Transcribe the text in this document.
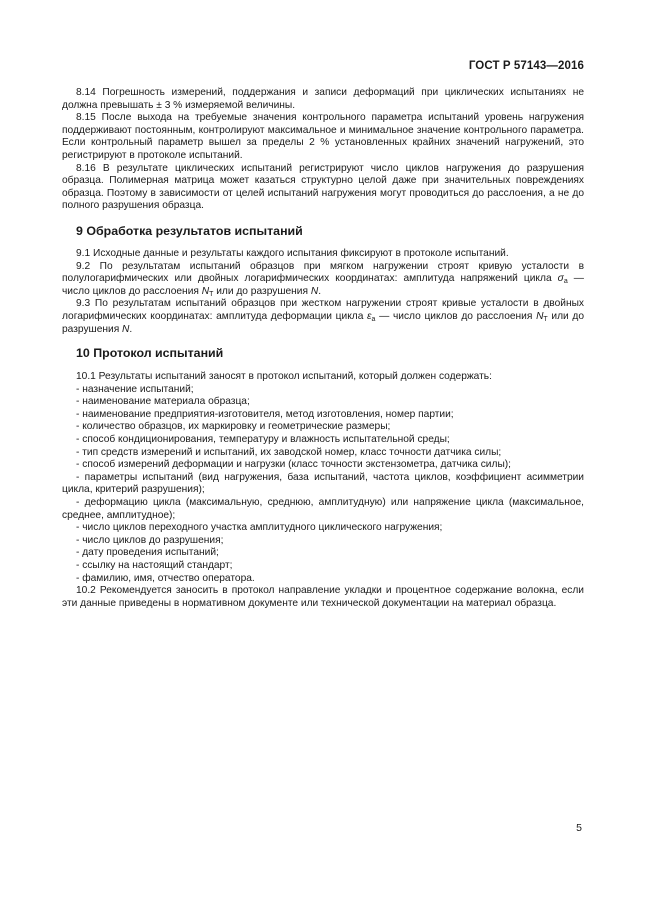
ГОСТ Р 57143—2016

8.14 Погрешность измерений, поддержания и записи деформаций при циклических испытаниях не должна превышать ± 3 % измеряемой величины.

8.15 После выхода на требуемые значения контрольного параметра испытаний уровень нагружения поддерживают постоянным, контролируют максимальное и минимальное значение контрольного параметра. Если контрольный параметр вышел за пределы 2 % установленных крайних значений нагружений, это регистрируют в протоколе испытаний.

8.16 В результате циклических испытаний регистрируют число циклов нагружения до разрушения образца. Полимерная матрица может казаться структурно целой даже при значительных повреждениях образца. Поэтому в зависимости от целей испытаний нагружения могут проводиться до расслоения, а не до полного разрушения образца.

9 Обработка результатов испытаний

9.1 Исходные данные и результаты каждого испытания фиксируют в протоколе испытаний.

9.2 По результатам испытаний образцов при мягком нагружении строят кривую усталости в полулогарифмических или двойных логарифмических координатах: амплитуда напряжений цикла $\sigma_a$ — число циклов до расслоения $N_Т$ или до разрушения N.

9.3 По результатам испытаний образцов при жестком нагружении строят кривые усталости в двойных логарифмических координатах: амплитуда деформации цикла $\varepsilon_a$ — число циклов до расслоения $N_Т$ или до разрушения N.

10 Протокол испытаний

10.1 Результаты испытаний заносят в протокол испытаний, который должен содержать:

- назначение испытаний;

- наименование материала образца;

- наименование предприятия-изготовителя, метод изготовления, номер партии;

- количество образцов, их маркировку и геометрические размеры;

- способ кондиционирования, температуру и влажность испытательной среды;

- тип средств измерений и испытаний, их заводской номер, класс точности датчика силы;

- способ измерений деформации и нагрузки (класс точности экстензометра, датчика силы);

- параметры испытаний (вид нагружения, база испытаний, частота циклов, коэффициент асимметрии цикла, критерий разрушения);

- деформацию цикла (максимальную, среднюю, амплитудную) или напряжение цикла (максимальное, среднее, амплитудное);

- число циклов переходного участка амплитудного циклического нагружения;

- число циклов до разрушения;

- дату проведения испытаний;

- ссылку на настоящий стандарт;

- фамилию, имя, отчество оператора.

10.2 Рекомендуется заносить в протокол направление укладки и процентное содержание волокна, если эти данные приведены в нормативном документе или технической документации на материал образца.

5
